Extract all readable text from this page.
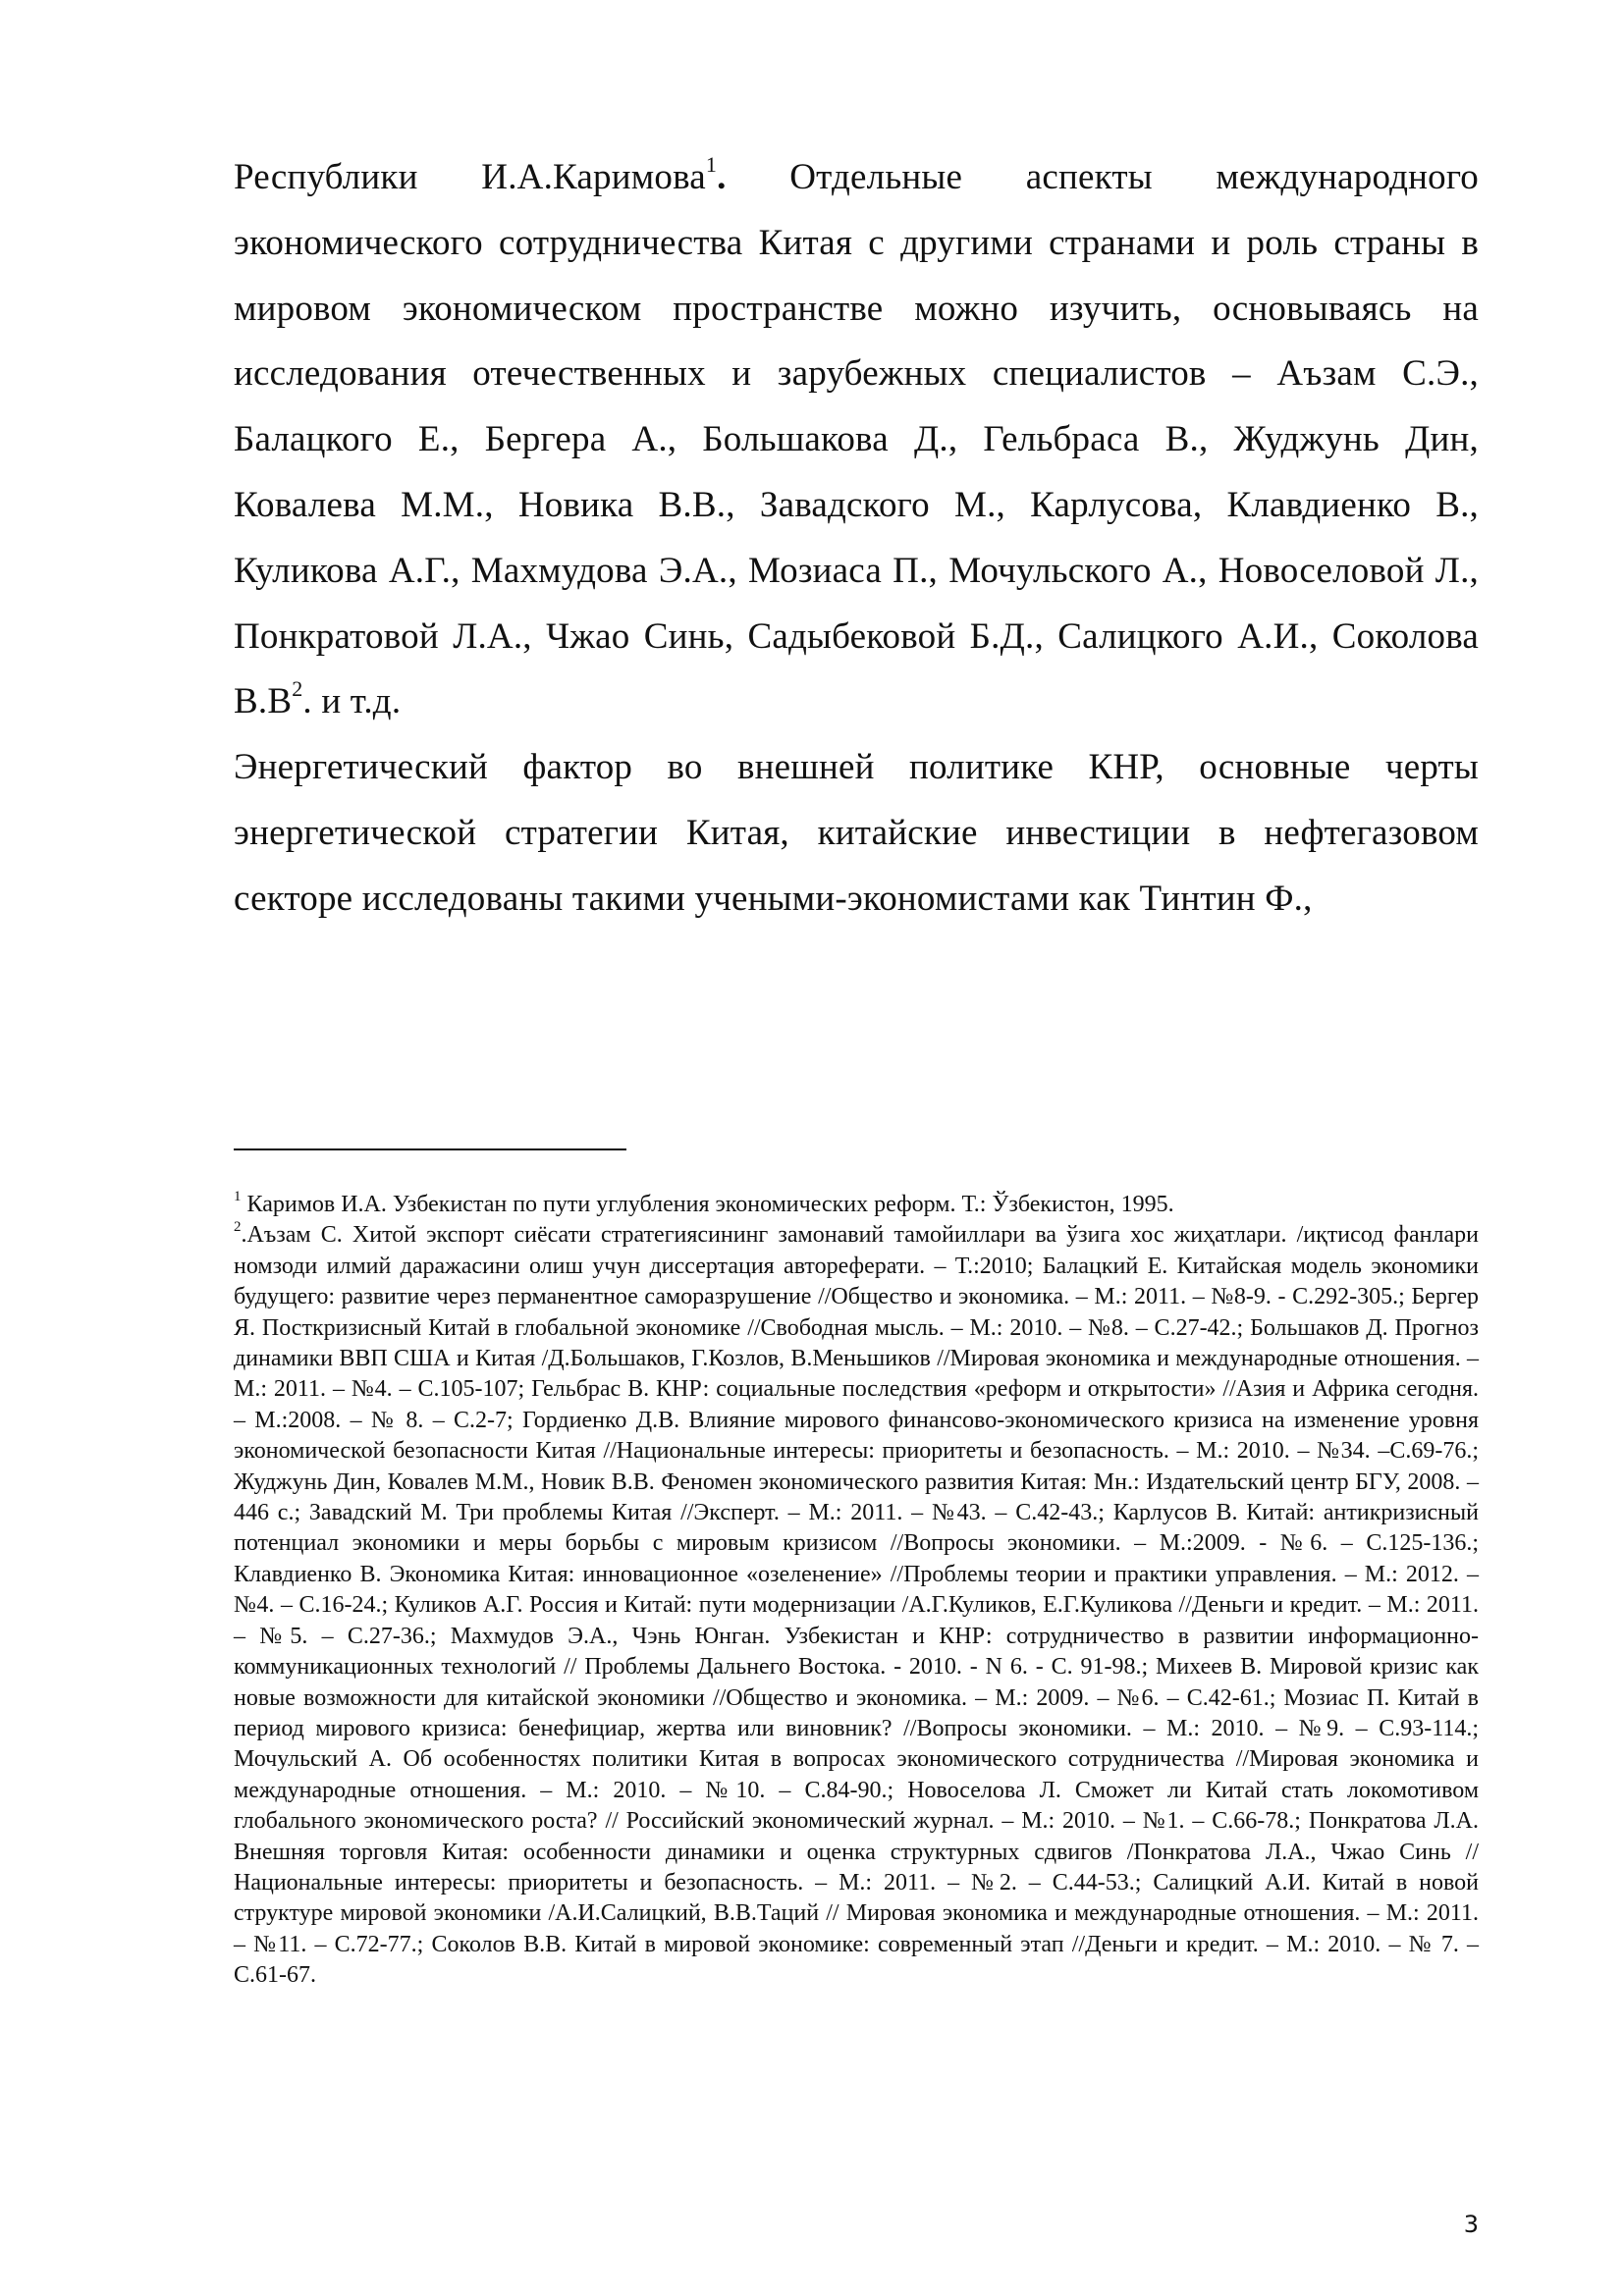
Республики И.А.Каримова$^1$. Отдельные аспекты международного экономического сотрудничества Китая с другими странами и роль страны в мировом экономическом пространстве можно изучить, основываясь на исследования отечественных и зарубежных специалистов – Аъзам С.Э., Балацкого Е., Бергера А., Большакова Д., Гельбраса В., Жуджунь Дин, Ковалева М.М., Новика В.В., Завадского М., Карлусова, Клавдиенко В., Куликова А.Г., Махмудова Э.А., Мозиаса П., Мочульского А., Новоселовой Л., Понкратовой Л.А., Чжао Синь, Садыбековой Б.Д., Салицкого А.И., Соколова $В.В^2$. и т.д.

Энергетический фактор во внешней политике КНР, основные черты энергетической стратегии Китая, китайские инвестиции в нефтегазовом секторе исследованы такими учеными-экономистами как Тинтин Ф.,

$^1$ Каримов И.А. Узбекистан по пути углубления экономических реформ. Т.: Ўзбекистон, 1995.

$^2$.Аъзам С. Хитой экспорт сиёсати стратегиясининг замонавий тамойиллари ва ўзига хос жиҳатлари. /иқтисод фанлари номзоди илмий даражасини олиш учун диссертация автореферати. – Т.:2010; Балацкий Е. Китайская модель экономики будущего: развитие через перманентное саморазрушение //Общество и экономика. – М.: 2011. – №8-9. - С.292-305.; Бергер Я. Посткризисный Китай в глобальной экономике //Свободная мысль. – М.: 2010. – №8. – С.27-42.; Большаков Д. Прогноз динамики ВВП США и Китая /Д.Большаков, Г.Козлов, В.Меньшиков //Мировая экономика и международные отношения. – М.: 2011. – №4. – С.105-107; Гельбрас В. КНР: социальные последствия «реформ и открытости» //Азия и Африка сегодня. – М.:2008. – № 8. – С.2-7; Гордиенко Д.В. Влияние мирового финансово-экономического кризиса на изменение уровня экономической безопасности Китая //Национальные интересы: приоритеты и безопасность. – М.: 2010. – №34. –С.69-76.; Жуджунь Дин, Ковалев М.М., Новик В.В. Феномен экономического развития Китая: Мн.: Издательский центр БГУ, 2008. – 446 с.; Завадский М. Три проблемы Китая //Эксперт. – М.: 2011. – №43. – С.42-43.; Карлусов В. Китай: антикризисный потенциал экономики и меры борьбы с мировым кризисом //Вопросы экономики. – М.:2009. - №6. – С.125-136.; Клавдиенко В. Экономика Китая: инновационное «озеленение» //Проблемы теории и практики управления. – М.: 2012. – №4. – С.16-24.; Куликов А.Г. Россия и Китай: пути модернизации /А.Г.Куликов, Е.Г.Куликова //Деньги и кредит. – М.: 2011. – №5. – С.27-36.; Махмудов Э.А., Чэнь Юнган. Узбекистан и КНР: сотрудничество в развитии информационно-коммуникационных технологий // Проблемы Дальнего Востока. - 2010. - N 6. - С. 91-98.; Михеев В. Мировой кризис как новые возможности для китайской экономики //Общество и экономика. – М.: 2009. – №6. – С.42-61.; Мозиас П. Китай в период мирового кризиса: бенефициар, жертва или виновник? //Вопросы экономики. – М.: 2010. – №9. – С.93-114.; Мочульский А. Об особенностях политики Китая в вопросах экономического сотрудничества //Мировая экономика и международные отношения. – М.: 2010. – №10. – С.84-90.; Новоселова Л. Сможет ли Китай стать локомотивом глобального экономического роста? // Российский экономический журнал. – М.: 2010. – №1. – С.66-78.; Понкратова Л.А. Внешняя торговля Китая: особенности динамики и оценка структурных сдвигов /Понкратова Л.А., Чжао Синь //Национальные интересы: приоритеты и безопасность. – М.: 2011. – №2. – С.44-53.; Салицкий А.И. Китай в новой структуре мировой экономики /А.И.Салицкий, В.В.Таций // Мировая экономика и международные отношения. – М.: 2011. – №11. – С.72-77.; Соколов В.В. Китай в мировой экономике: современный этап //Деньги и кредит. – М.: 2010. – № 7. – С.61-67.

3
